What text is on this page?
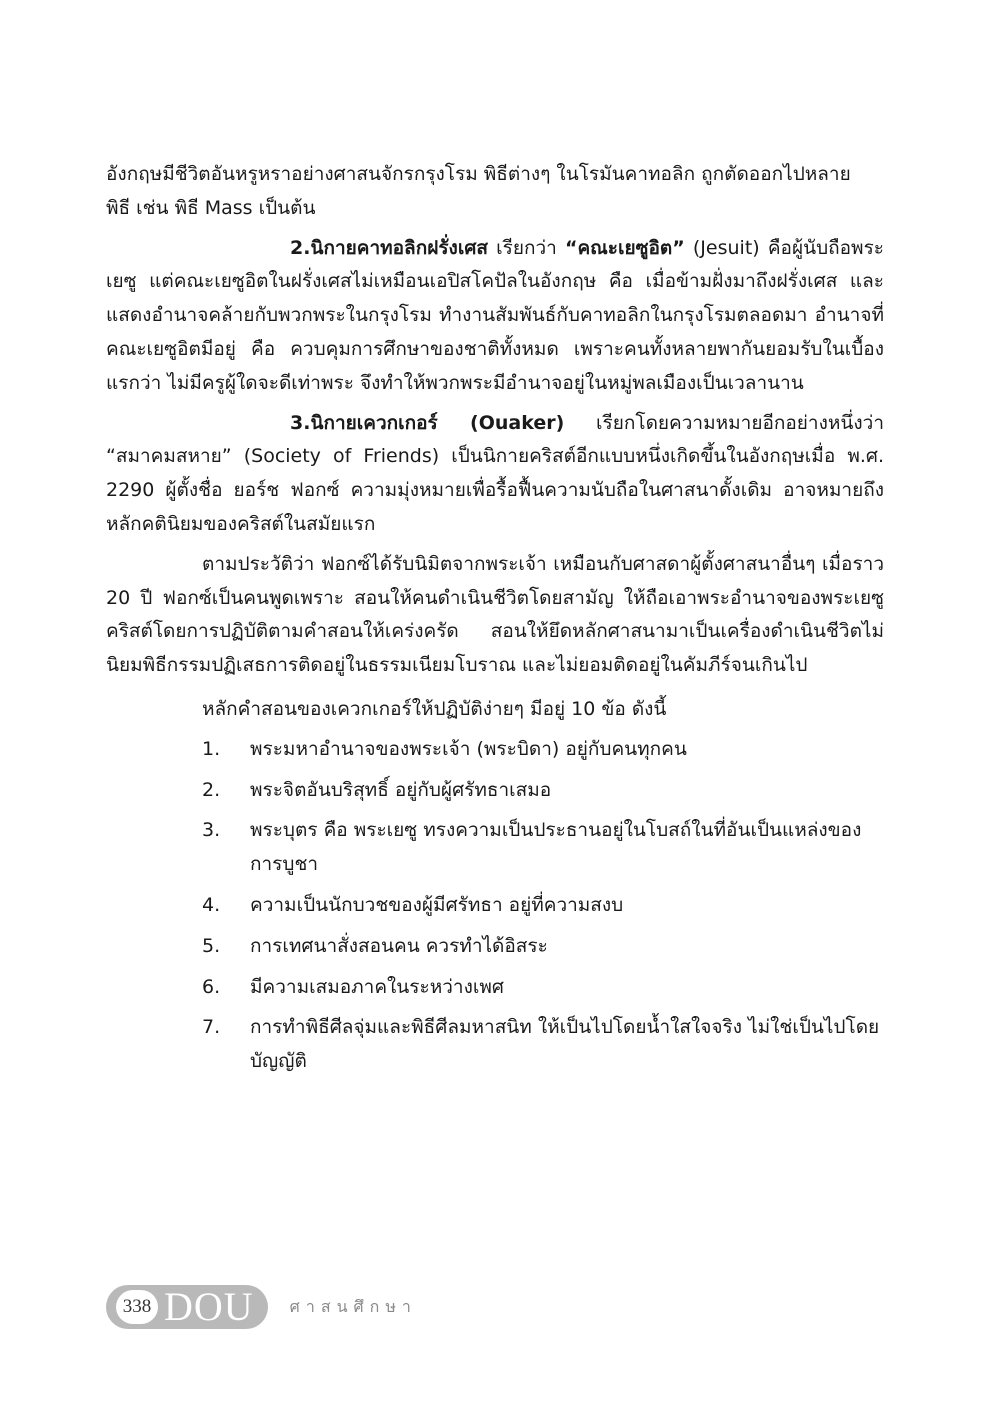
อังกฤษมีชีวิตอันหรูหราอย่างศาสนจักรกรุงโรม พิธีต่างๆ ในโรมันคาทอลิก ถูกตัดออกไปหลาย
พิธี เช่น พิธี Mass เป็นต้น

2.นิกายคาทอลิกฝรั่งเศส เรียกว่า “คณะเยซูอิต” (Jesuit) คือผู้นับถือพระเยซู แต่คณะเยซูอิตในฝรั่งเศสไม่เหมือนเอปิสโคปัลในอังกฤษ คือ เมื่อข้ามฝั่งมาถึงฝรั่งเศส และแสดงอำนาจคล้ายกับพวกพระในกรุงโรม ทำงานสัมพันธ์กับคาทอลิกในกรุงโรมตลอดมา อำนาจที่คณะเยซูอิตมีอยู่ คือ ควบคุมการศึกษาของชาติทั้งหมด เพราะคนทั้งหลายพากันยอมรับในเบื้องแรกว่า ไม่มีครูผู้ใดจะดีเท่าพระ จึงทำให้พวกพระมีอำนาจอยู่ในหมู่พลเมืองเป็นเวลานาน

3.นิกายเควกเกอร์ (Ouaker) เรียกโดยความหมายอีกอย่างหนึ่งว่า “สมาคมสหาย” (Society of Friends) เป็นนิกายคริสต์อีกแบบหนึ่งเกิดขึ้นในอังกฤษเมื่อ พ.ศ. 2290 ผู้ตั้งชื่อ ยอร์ช ฟอกซ์ ความมุ่งหมายเพื่อรื้อฟื้นความนับถือในศาสนาดั้งเดิม อาจหมายถึงหลักคตินิยมของคริสต์ในสมัยแรก

ตามประวัติว่า ฟอกซ์ได้รับนิมิตจากพระเจ้า เหมือนกับศาสดาผู้ตั้งศาสนาอื่นๆ เมื่อราว 20 ปี ฟอกซ์เป็นคนพูดเพราะ สอนให้คนดำเนินชีวิตโดยสามัญ ให้ถือเอาพระอำนาจของพระเยซูคริสต์โดยการปฏิบัติตามคำสอนให้เคร่งครัด สอนให้ยึดหลักศาสนามาเป็นเครื่องดำเนินชีวิตไม่นิยมพิธีกรรมปฏิเสธการติดอยู่ในธรรมเนียมโบราณ และไม่ยอมติดอยู่ในคัมภีร์จนเกินไป

หลักคำสอนของเควกเกอร์ให้ปฏิบัติง่ายๆ มีอยู่ 10 ข้อ ดังนี้

1.	พระมหาอำนาจของพระเจ้า (พระบิดา) อยู่กับคนทุกคน
2.	พระจิตอันบริสุทธิ์ อยู่กับผู้ศรัทธาเสมอ
3.	พระบุตร คือ พระเยซู ทรงความเป็นประธานอยู่ในโบสถ์ในที่อันเป็นแหล่งของการบูชา
4.	ความเป็นนักบวชของผู้มีศรัทธา อยู่ที่ความสงบ
5.	การเทศนาสั่งสอนคน ควรทำได้อิสระ
6.	มีความเสมอภาคในระหว่างเพศ
7.	การทำพิธีศีลจุ่มและพิธีศีลมหาสนิท ให้เป็นไปโดยน้ำใสใจจริง ไม่ใช่เป็นไปโดยบัญญัติ
338 DOU ศาสนศึกษา
